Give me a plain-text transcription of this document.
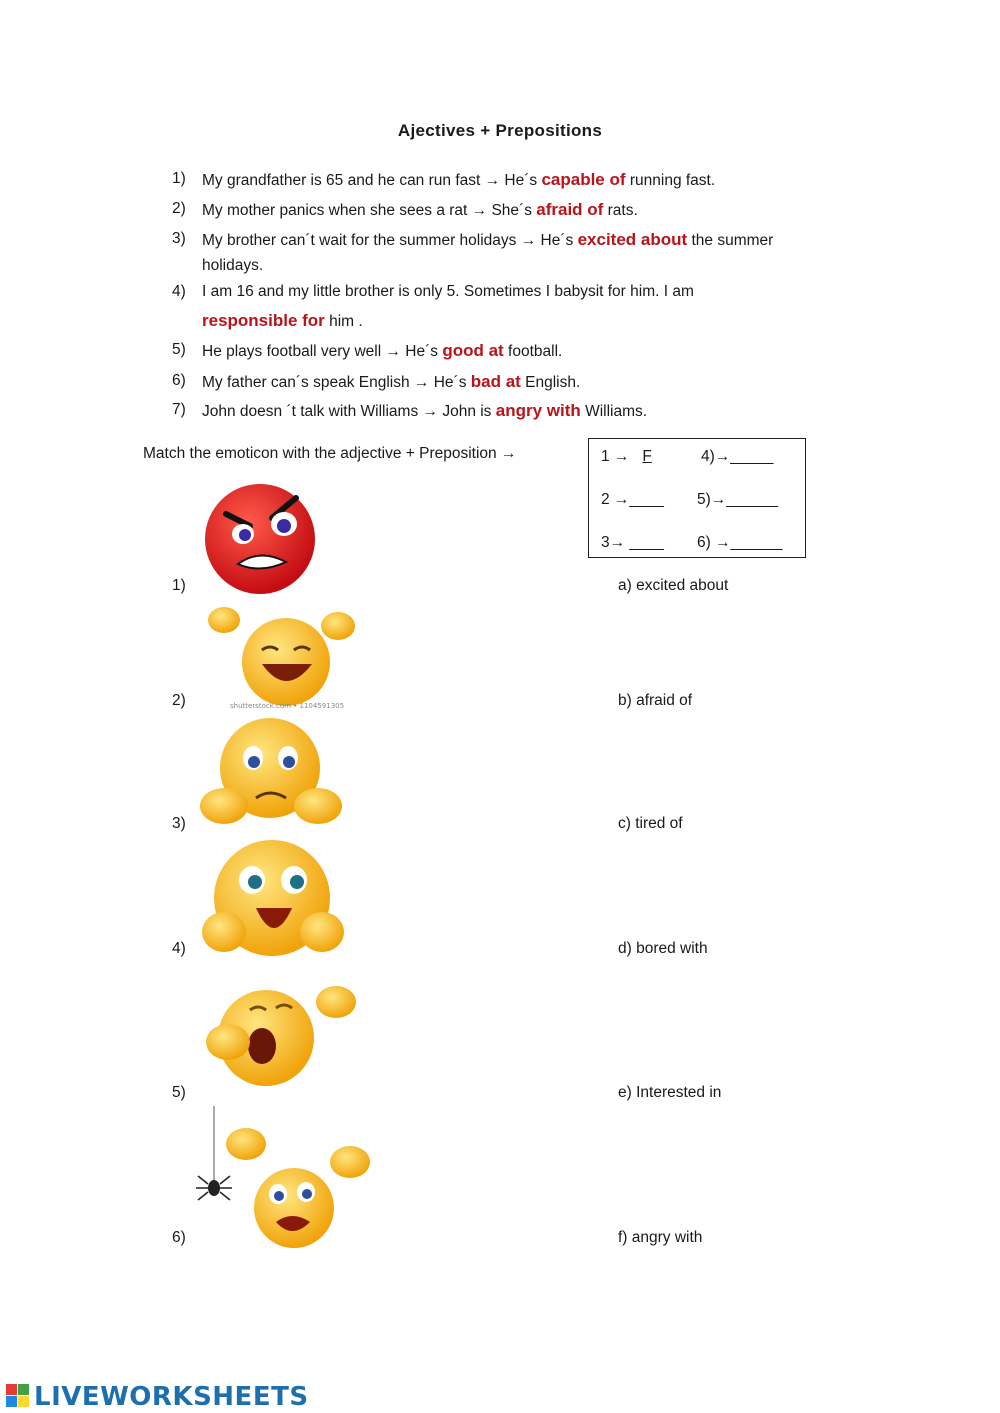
Ajectives + Prepositions
1) My grandfather is 65 and he can run fast → He´s capable of running fast.
2) My mother panics when she sees a rat → She´s afraid of rats.
3) My brother can´t wait for the summer holidays → He´s excited about the summer
holidays.
4) I am 16 and my little brother is only 5. Sometimes I babysit for him. I am
responsible for him .
5) He plays football very well → He´s good at football.
6) My father can´s speak English → He´s bad at English.
7) John doesn ´t talk with Williams → John is angry with Williams.
Match the emoticon with the adjective + Preposition →	1 → F	4)→_____
2 →____ 5)→______
3→ ____ 6) →______
1)
2)
3)
4)
5)
6)
a) excited about
b) afraid of
c) tired of
d) bored with
e) Interested in
f) angry with
shutterstock.com • 1104591305
LIVEWORKSHEETS
